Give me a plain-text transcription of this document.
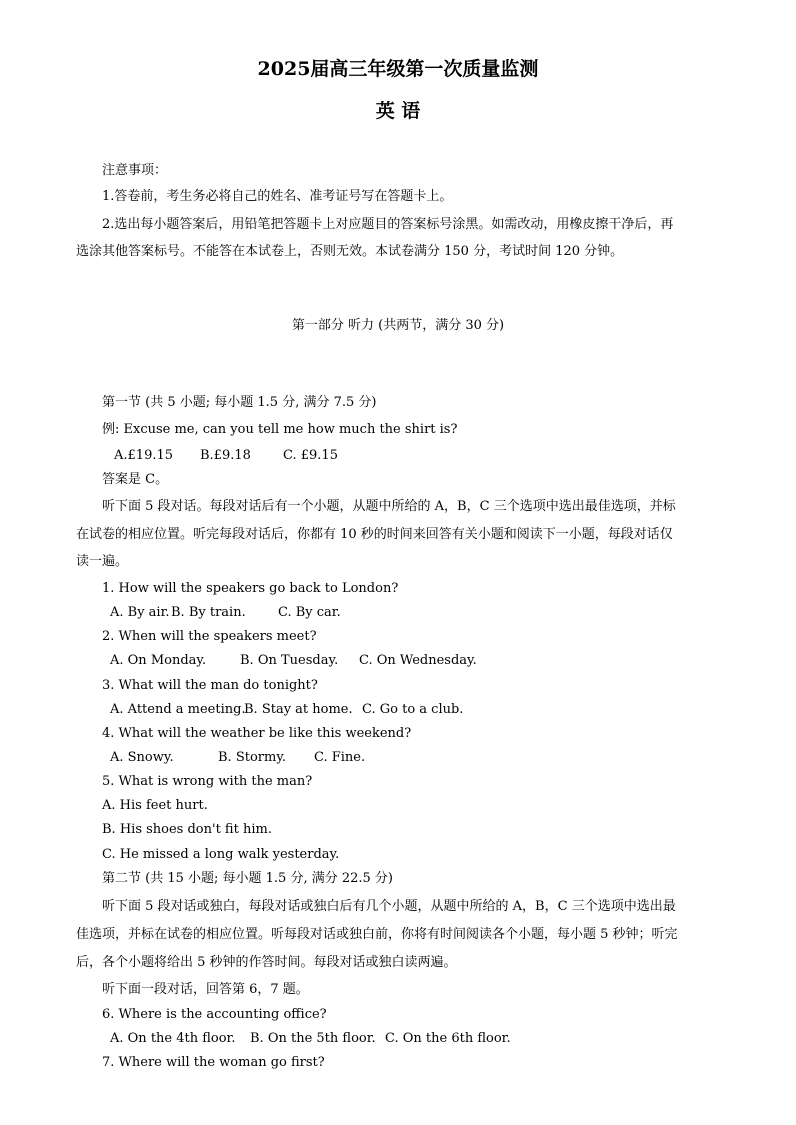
2025届高三年级第一次质量监测
英 语
注意事项：
1.答卷前，考生务必将自己的姓名、准考证号写在答题卡上。
2.选出每小题答案后，用铅笔把答题卡上对应题目的答案标号涂黑。如需改动，用橡皮擦干净后，再
选涂其他答案标号。不能答在本试卷上，否则无效。本试卷满分 150 分，考试时间 120 分钟。
第一部分 听力 (共两节，满分 30 分)
第一节 (共 5 小题; 每小题 1.5 分, 满分 7.5 分)
例: Excuse me, can you tell me how much the shirt is?
A.£19.15 B.£9.18 C. £9.15
答案是 C。
听下面 5 段对话。每段对话后有一个小题，从题中所给的 A，B，C 三个选项中选出最佳选项，并标
在试卷的相应位置。听完每段对话后，你都有 10 秒的时间来回答有关小题和阅读下一小题，每段对话仅
读一遍。
1. How will the speakers go back to London?
A. By air.B. By train. C. By car.
2. When will the speakers meet?
A. On Monday.	B. On Tuesday. C. On Wednesday.
3. What will the man do tonight?
A. Attend a meeting.B. Stay at home. C. Go to a club.
4. What will the weather be like this weekend?
A. Snowy.	B. Stormy. C. Fine.
5. What is wrong with the man?
A. His feet hurt.
B. His shoes don't fit him.
C. He missed a long walk yesterday.
第二节 (共 15 小题; 每小题 1.5 分, 满分 22.5 分)
听下面 5 段对话或独白，每段对话或独白后有几个小题，从题中所给的 A，B，C 三个选项中选出最
佳选项，并标在试卷的相应位置。听每段对话或独白前，你将有时间阅读各个小题，每小题 5 秒钟；听完
后，各个小题将给出 5 秒钟的作答时间。每段对话或独白读两遍。
听下面一段对话，回答第 6，7 题。
6. Where is the accounting office?
A. On the 4th floor. B. On the 5th floor. C. On the 6th floor.
7. Where will the woman go first?
